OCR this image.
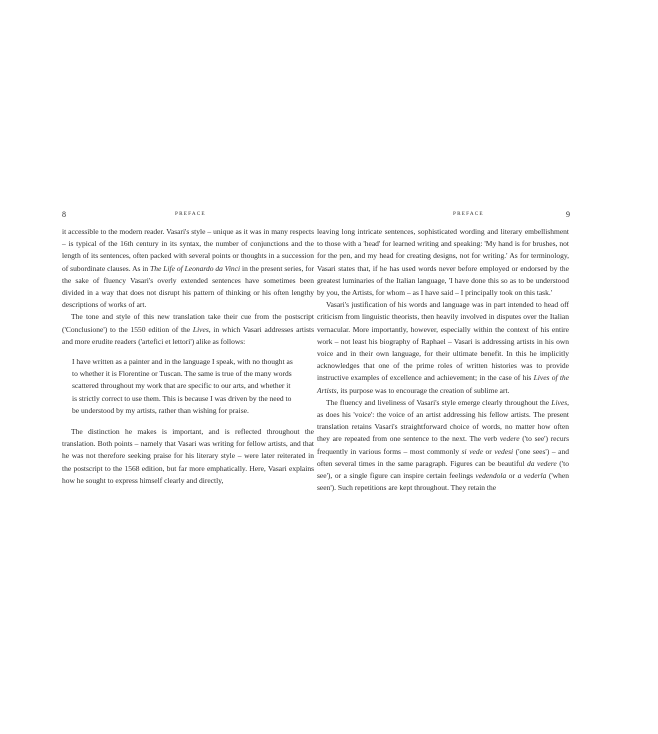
8	PREFACE

it accessible to the modern reader. Vasari's style – unique as it was in many respects – is typical of the 16th century in its syntax, the number of conjunctions and the length of its sentences, often packed with several points or thoughts in a succession of subordinate clauses. As in The Life of Leonardo da Vinci in the present series, for the sake of fluency Vasari's overly extended sentences have sometimes been divided in a way that does not disrupt his pattern of thinking or his often lengthy descriptions of works of art.

The tone and style of this new translation take their cue from the postscript ('Conclusione') to the 1550 edition of the Lives, in which Vasari addresses artists and more erudite readers ('artefici et lettori') alike as follows:

I have written as a painter and in the language I speak, with no thought as to whether it is Florentine or Tuscan. The same is true of the many words scattered throughout my work that are specific to our arts, and whether it is strictly correct to use them. This is because I was driven by the need to be understood by my artists, rather than wishing for praise.

The distinction he makes is important, and is reflected throughout the translation. Both points – namely that Vasari was writing for fellow artists, and that he was not therefore seeking praise for his literary style – were later reiterated in the postscript to the 1568 edition, but far more emphatically. Here, Vasari explains how he sought to express himself clearly and directly,

PREFACE	9

leaving long intricate sentences, sophisticated wording and literary embellishment to those with a 'head' for learned writing and speaking: 'My hand is for brushes, not for the pen, and my head for creating designs, not for writing.' As for terminology, Vasari states that, if he has used words never before employed or endorsed by the greatest luminaries of the Italian language, 'I have done this so as to be understood by you, the Artists, for whom – as I have said – I principally took on this task.'

Vasari's justification of his words and language was in part intended to head off criticism from linguistic theorists, then heavily involved in disputes over the Italian vernacular. More importantly, however, especially within the context of his entire work – not least his biography of Raphael – Vasari is addressing artists in his own voice and in their own language, for their ultimate benefit. In this he implicitly acknowledges that one of the prime roles of written histories was to provide instructive examples of excellence and achievement; in the case of his Lives of the Artists, its purpose was to encourage the creation of sublime art.

The fluency and liveliness of Vasari's style emerge clearly throughout the Lives, as does his 'voice': the voice of an artist addressing his fellow artists. The present translation retains Vasari's straightforward choice of words, no matter how often they are repeated from one sentence to the next. The verb vedere ('to see') recurs frequently in various forms – most commonly si vede or vedesi ('one sees') – and often several times in the same paragraph. Figures can be beautiful da vedere ('to see'), or a single figure can inspire certain feelings vedendola or a vederla ('when seen'). Such repetitions are kept throughout. They retain the
